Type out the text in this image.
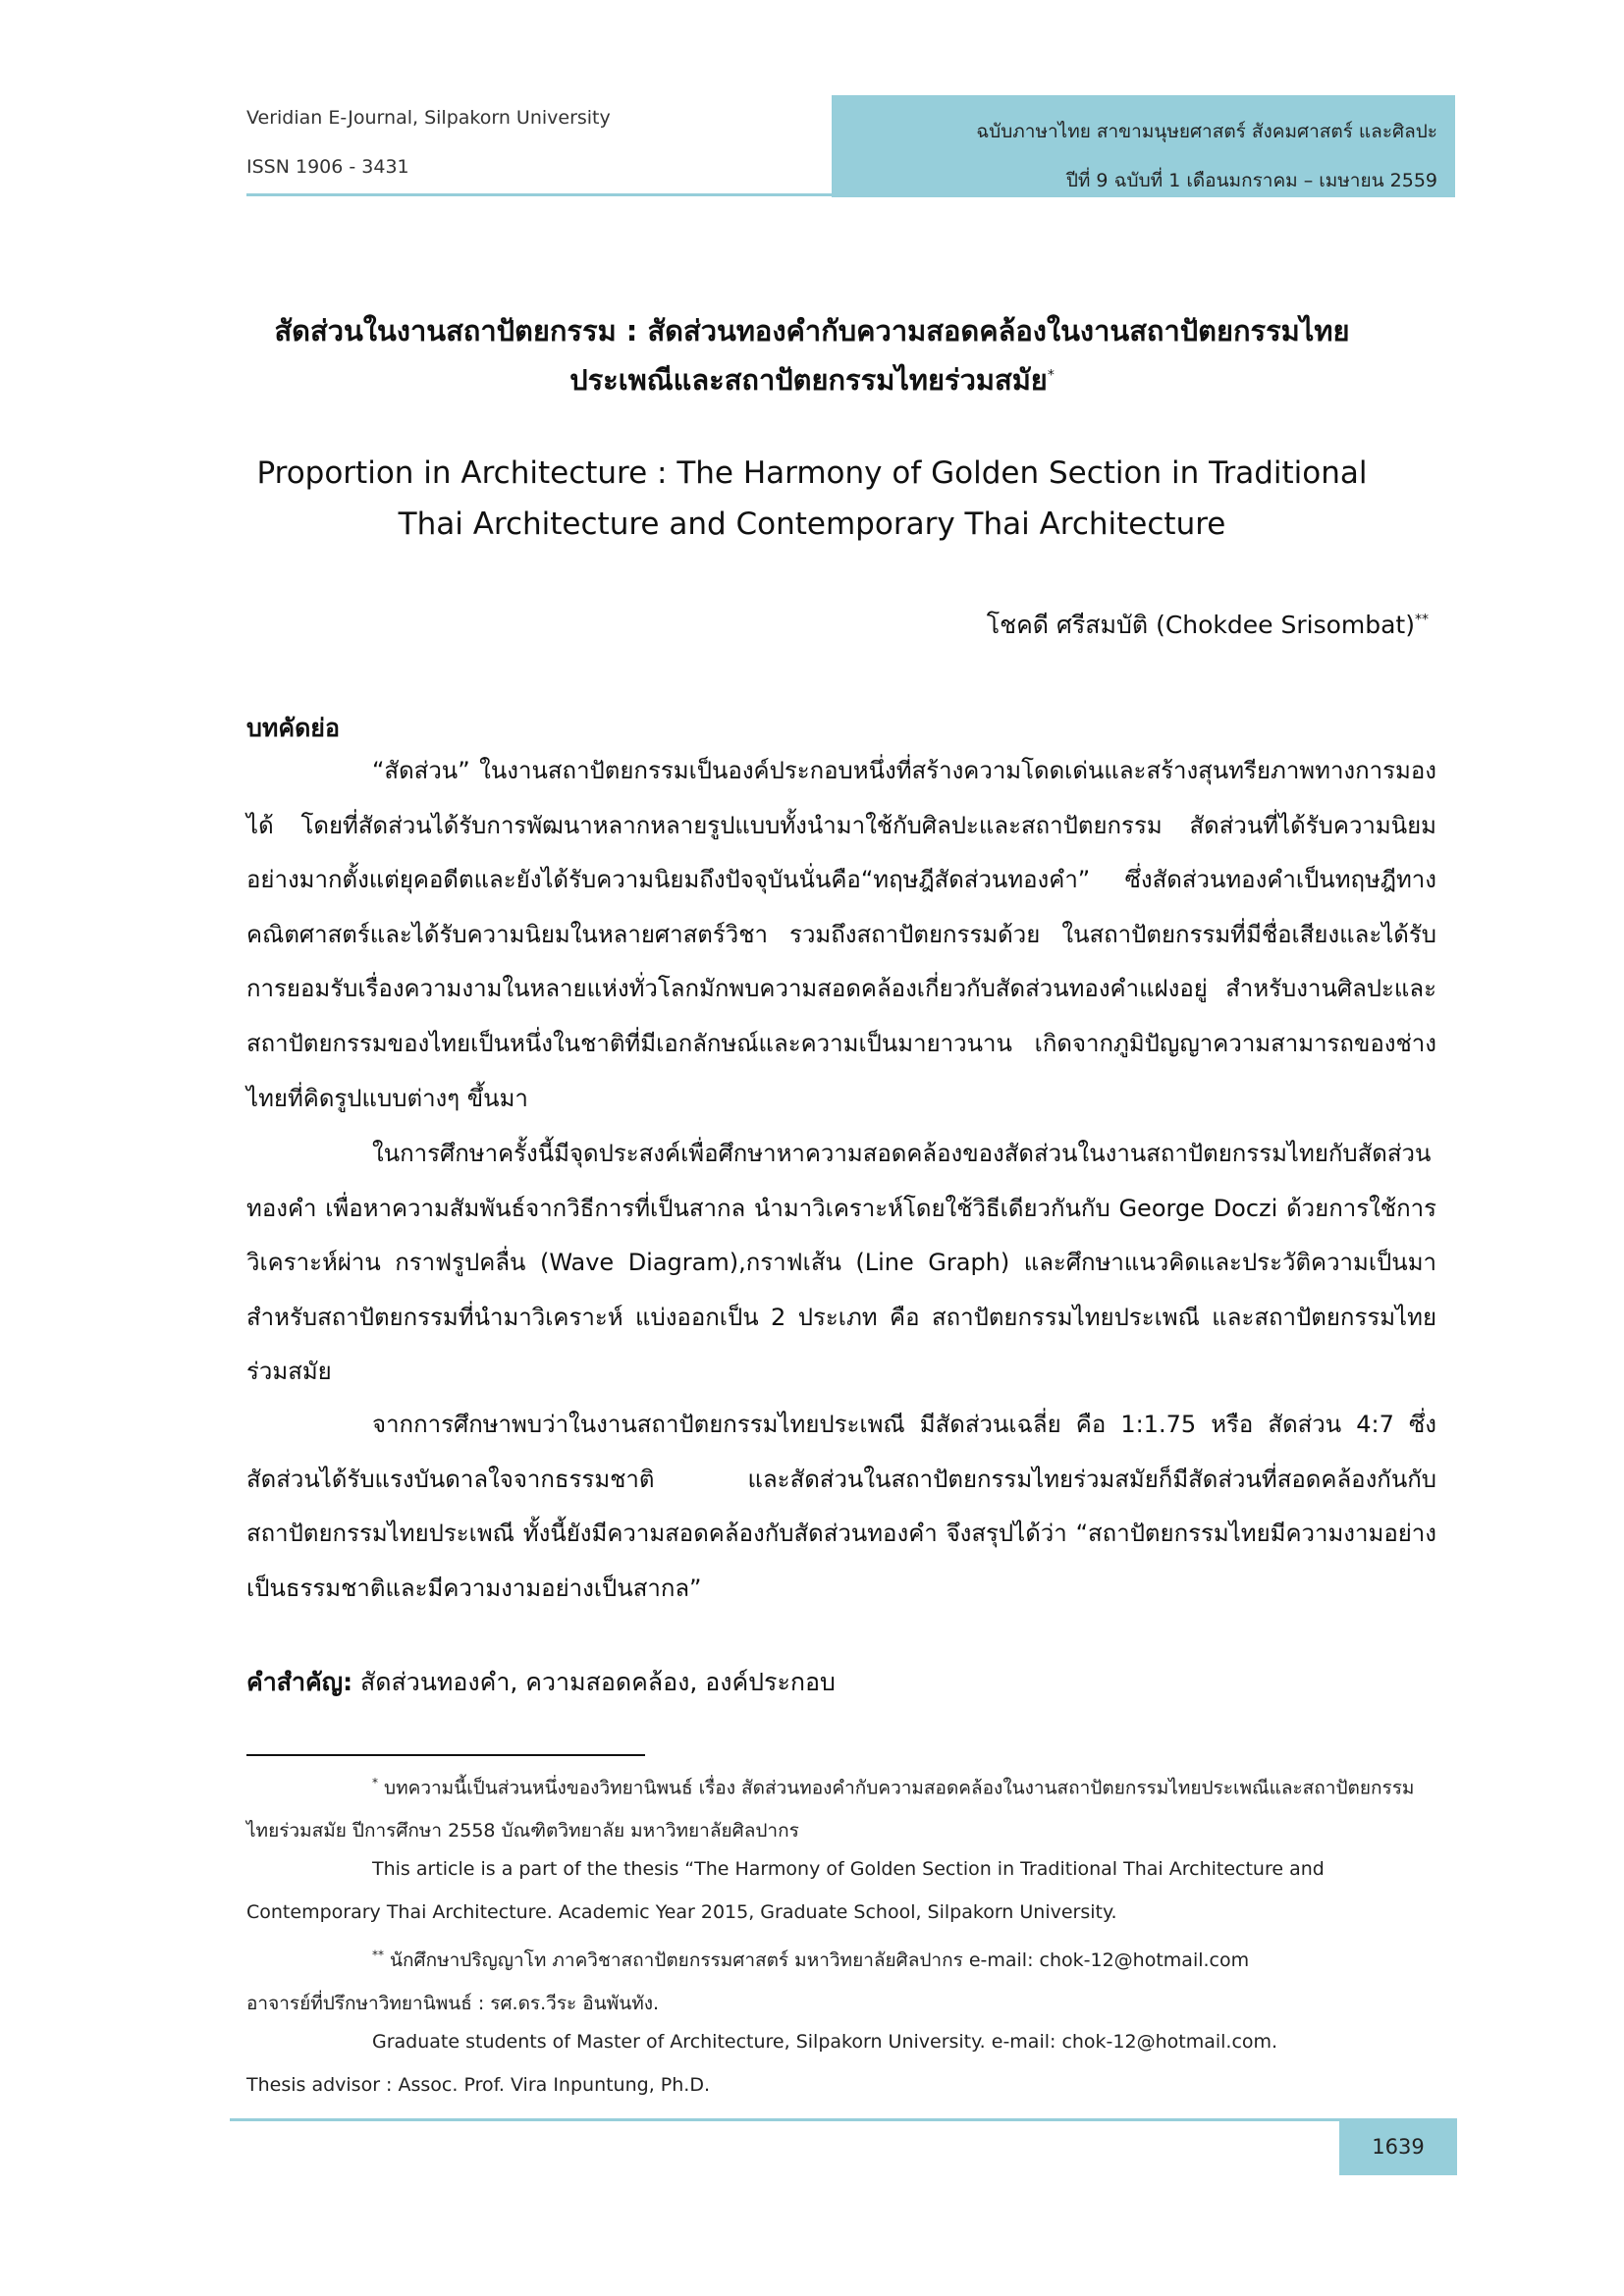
Veridian E-Journal, Silpakorn University
ISSN 1906 - 3431
ฉบับภาษาไทย สาขามนุษยศาสตร์ สังคมศาสตร์ และศิลปะ
ปีที่ 9 ฉบับที่ 1 เดือนมกราคม – เมษายน 2559
สัดส่วนในงานสถาปัตยกรรม : สัดส่วนทองคำกับความสอดคล้องในงานสถาปัตยกรรมไทย
ประเพณีและสถาปัตยกรรมไทยร่วมสมัย*
Proportion in Architecture : The Harmony of Golden Section in Traditional
Thai Architecture and Contemporary Thai Architecture
โชคดี ศรีสมบัติ (Chokdee Srisombat)**
บทคัดย่อ

“สัดส่วน” ในงานสถาปัตยกรรมเป็นองค์ประกอบหนึ่งที่สร้างความโดดเด่นและสร้างสุนทรียภาพทางการมองได้ โดยที่สัดส่วนได้รับการพัฒนาหลากหลายรูปแบบทั้งนำมาใช้กับศิลปะและสถาปัตยกรรม สัดส่วนที่ได้รับความนิยมอย่างมากตั้งแต่ยุคอดีตและยังได้รับความนิยมถึงปัจจุบันนั่นคือ“ทฤษฎีสัดส่วนทองคำ” ซึ่งสัดส่วนทองคำเป็นทฤษฎีทางคณิตศาสตร์และได้รับความนิยมในหลายศาสตร์วิชา รวมถึงสถาปัตยกรรมด้วย ในสถาปัตยกรรมที่มีชื่อเสียงและได้รับการยอมรับเรื่องความงามในหลายแห่งทั่วโลกมักพบความสอดคล้องเกี่ยวกับสัดส่วนทองคำแฝงอยู่ สำหรับงานศิลปะและสถาปัตยกรรมของไทยเป็นหนึ่งในชาติที่มีเอกลักษณ์และความเป็นมายาวนาน เกิดจากภูมิปัญญาความสามารถของช่างไทยที่คิดรูปแบบต่างๆ ขึ้นมา

ในการศึกษาครั้งนี้มีจุดประสงค์เพื่อศึกษาหาความสอดคล้องของสัดส่วนในงานสถาปัตยกรรมไทยกับสัดส่วนทองคำ เพื่อหาความสัมพันธ์จากวิธีการที่เป็นสากล นำมาวิเคราะห์โดยใช้วิธีเดียวกันกับ George Doczi ด้วยการใช้การวิเคราะห์ผ่าน กราฟรูปคลื่น (Wave Diagram),กราฟเส้น (Line Graph) และศึกษาแนวคิดและประวัติความเป็นมา สำหรับสถาปัตยกรรมที่นำมาวิเคราะห์ แบ่งออกเป็น 2 ประเภท คือ สถาปัตยกรรมไทยประเพณี และสถาปัตยกรรมไทยร่วมสมัย

จากการศึกษาพบว่าในงานสถาปัตยกรรมไทยประเพณี มีสัดส่วนเฉลี่ย คือ 1:1.75 หรือ สัดส่วน 4:7 ซึ่งสัดส่วนได้รับแรงบันดาลใจจากธรรมชาติ และสัดส่วนในสถาปัตยกรรมไทยร่วมสมัยก็มีสัดส่วนที่สอดคล้องกันกับสถาปัตยกรรมไทยประเพณี ทั้งนี้ยังมีความสอดคล้องกับสัดส่วนทองคำ จึงสรุปได้ว่า “สถาปัตยกรรมไทยมีความงามอย่างเป็นธรรมชาติและมีความงามอย่างเป็นสากล”

คำสำคัญ: สัดส่วนทองคำ, ความสอดคล้อง, องค์ประกอบ

* บทความนี้เป็นส่วนหนึ่งของวิทยานิพนธ์ เรื่อง สัดส่วนทองคำกับความสอดคล้องในงานสถาปัตยกรรมไทยประเพณีและสถาปัตยกรรมไทยร่วมสมัย ปีการศึกษา 2558 บัณฑิตวิทยาลัย มหาวิทยาลัยศิลปากร

This article is a part of the thesis “The Harmony of Golden Section in Traditional Thai Architecture and Contemporary Thai Architecture. Academic Year 2015, Graduate School, Silpakorn University.

** นักศึกษาปริญญาโท ภาควิชาสถาปัตยกรรมศาสตร์ มหาวิทยาลัยศิลปากร e-mail: chok-12@hotmail.com
อาจารย์ที่ปรึกษาวิทยานิพนธ์ : รศ.ดร.วีระ อินพันทัง.

Graduate students of Master of Architecture, Silpakorn University. e-mail: chok-12@hotmail.com.
Thesis advisor : Assoc. Prof. Vira Inpuntung, Ph.D.

1639
